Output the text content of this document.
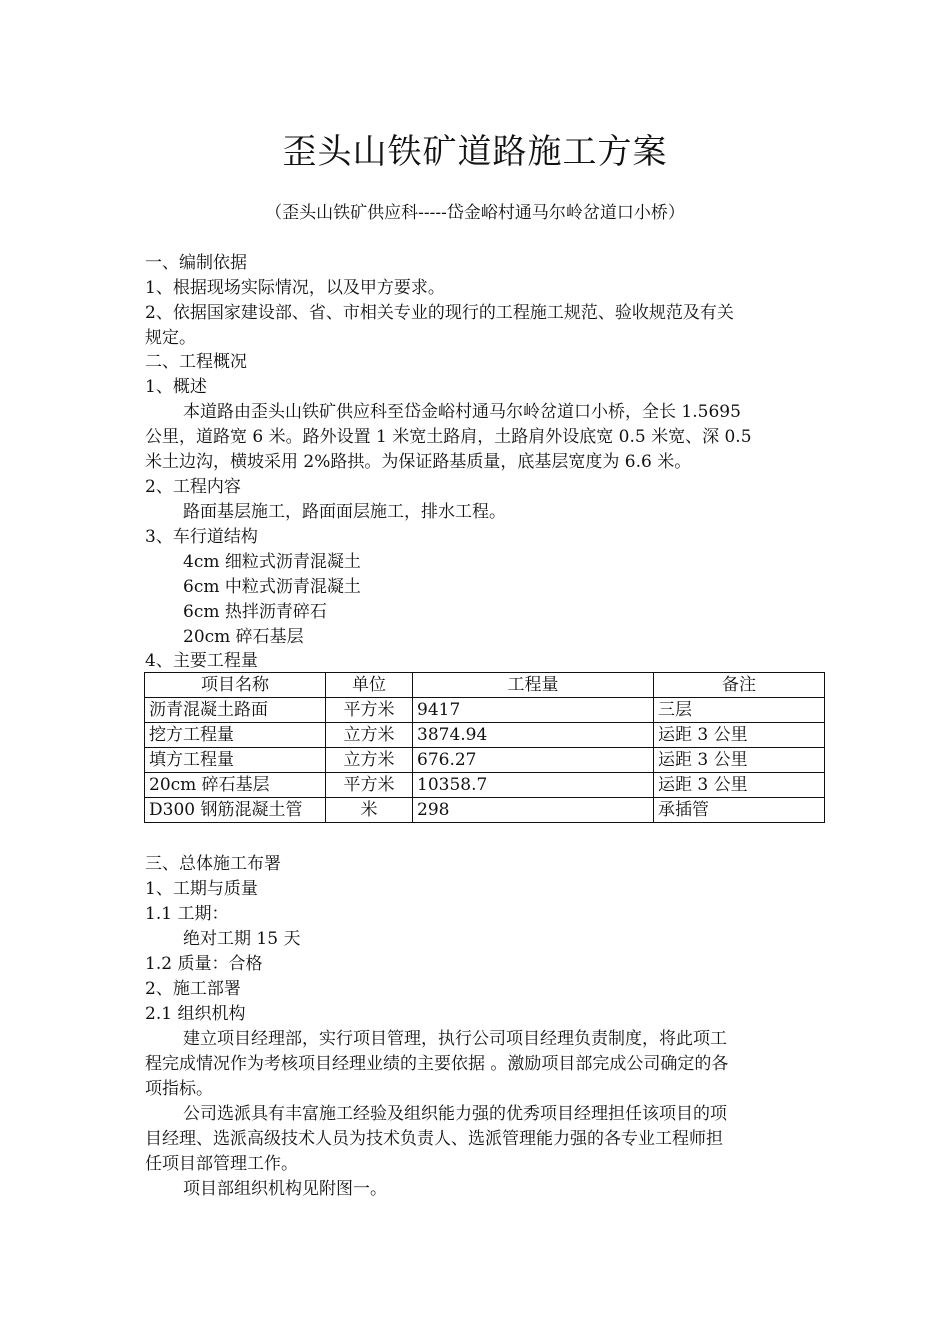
歪头山铁矿道路施工方案
（歪头山铁矿供应科-----岱金峪村通马尔岭岔道口小桥）
一、编制依据
1、根据现场实际情况，以及甲方要求。
2、依据国家建设部、省、市相关专业的现行的工程施工规范、验收规范及有关
规定。
二、工程概况
1、概述
本道路由歪头山铁矿供应科至岱金峪村通马尔岭岔道口小桥，全长 1.5695
公里，道路宽 6 米。路外设置 1 米宽土路肩，土路肩外设底宽 0.5 米宽、深 0.5
米土边沟，横坡采用 2%路拱。为保证路基质量，底基层宽度为 6.6 米。
2、工程内容
路面基层施工，路面面层施工，排水工程。
3、车行道结构
4cm 细粒式沥青混凝土
6cm 中粒式沥青混凝土
6cm 热拌沥青碎石
20cm 碎石基层
4、主要工程量
项目名称	单位	工程量	备注
沥青混凝土路面	平方米	9417	三层
挖方工程量	立方米	3874.94	运距 3 公里
填方工程量	立方米	676.27	运距 3 公里
20cm 碎石基层	平方米	10358.7	运距 3 公里
D300 钢筋混凝土管	米	298	承插管
三、总体施工布署
1、工期与质量
1.1 工期：
绝对工期 15 天
1.2 质量：合格
2、施工部署
2.1 组织机构
建立项目经理部，实行项目管理，执行公司项目经理负责制度，将此项工
程完成情况作为考核项目经理业绩的主要依据 。激励项目部完成公司确定的各
项指标。
公司选派具有丰富施工经验及组织能力强的优秀项目经理担任该项目的项
目经理、选派高级技术人员为技术负责人、选派管理能力强的各专业工程师担
任项目部管理工作。
项目部组织机构见附图一。
